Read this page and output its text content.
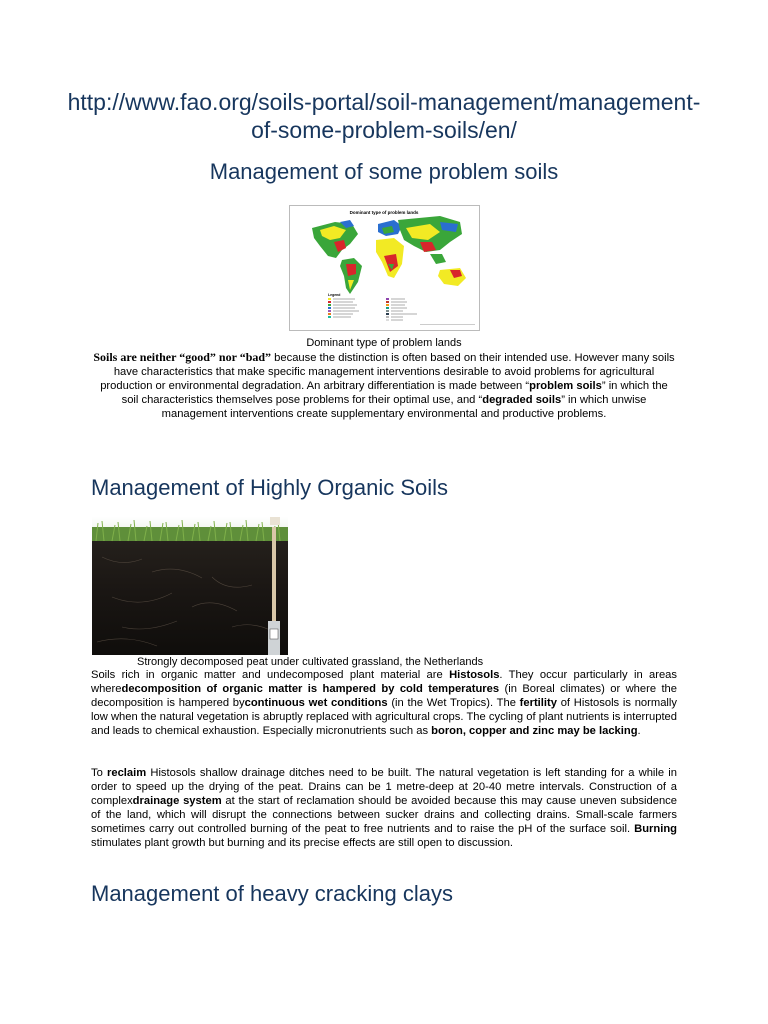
http://www.fao.org/soils-portal/soil-management/management-of-some-problem-soils/en/
Management of some problem soils
Dominant type of problem lands
Legend
Dominant type of problem lands

Soils are neither “good” nor “bad” because the distinction is often based on their intended use. However many soils have characteristics that make specific management interventions desirable to avoid problems for agricultural production or environmental degradation. An arbitrary differentiation is made between “problem soils” in which the soil characteristics themselves pose problems for their optimal use, and “degraded soils” in which unwise management interventions create supplementary environmental and productive problems.

Management of Highly Organic Soils
Strongly decomposed peat under cultivated grassland, the Netherlands

Soils rich in organic matter and undecomposed plant material are Histosols. They occur particularly in areas wheredecomposition of organic matter is hampered by cold temperatures (in Boreal climates) or where the decomposition is hampered bycontinuous wet conditions (in the Wet Tropics). The fertility of Histosols is normally low when the natural vegetation is abruptly replaced with agricultural crops. The cycling of plant nutrients is interrupted and leads to chemical exhaustion. Especially micronutrients such as boron, copper and zinc may be lacking.

To reclaim Histosols shallow drainage ditches need to be built. The natural vegetation is left standing for a while in order to speed up the drying of the peat. Drains can be 1 metre-deep at 20-40 metre intervals. Construction of a complexdrainage system at the start of reclamation should be avoided because this may cause uneven subsidence of the land, which will disrupt the connections between sucker drains and collecting drains. Small-scale farmers sometimes carry out controlled burning of the peat to free nutrients and to raise the pH of the surface soil. Burning stimulates plant growth but burning and its precise effects are still open to discussion.

Management of heavy cracking clays
